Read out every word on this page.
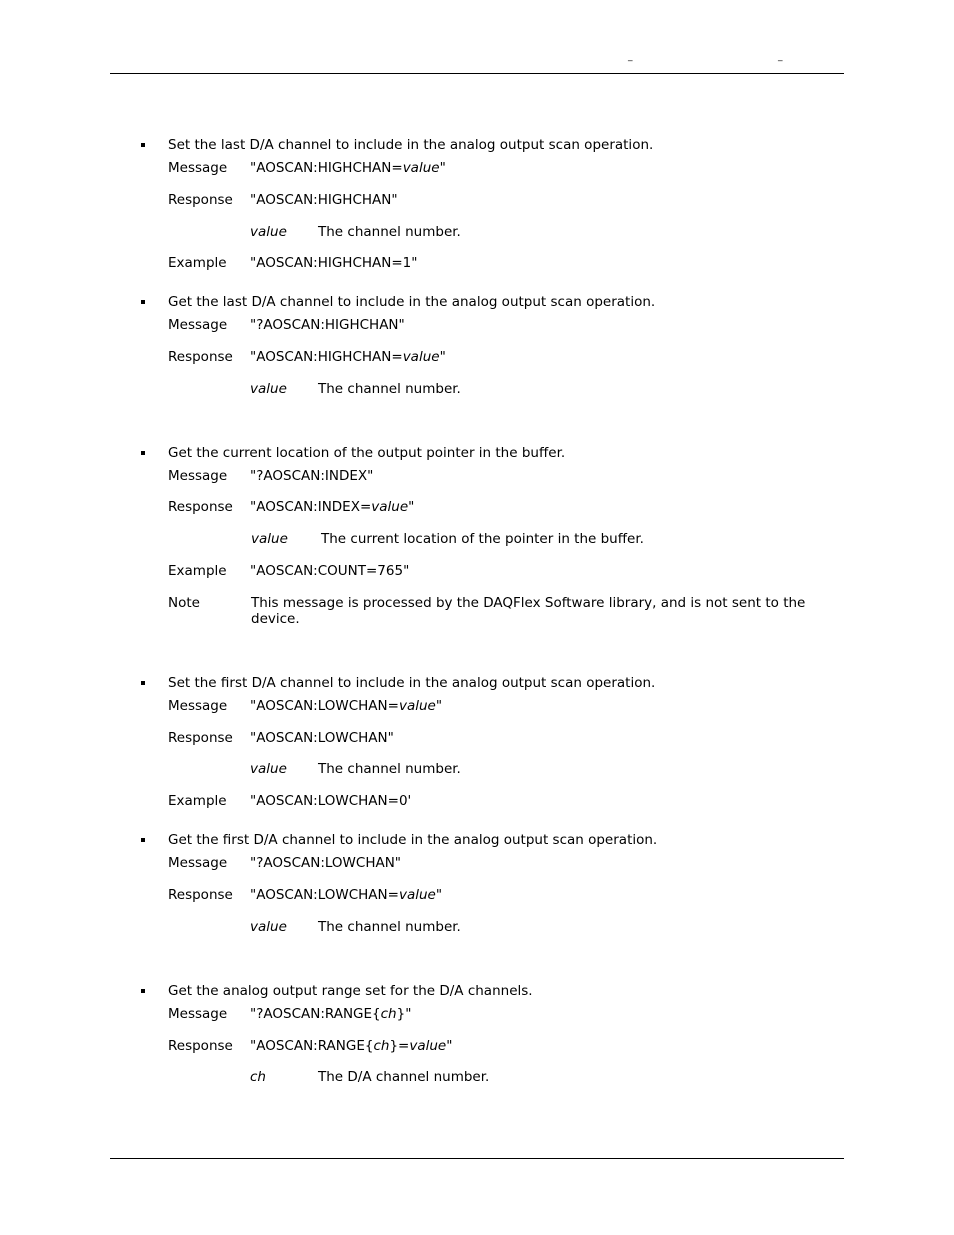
_	_
Set the last D/A channel to include in the analog output scan operation.
Message "AOSCAN:HIGHCHAN=value"
Response "AOSCAN:HIGHCHAN"
value The channel number.
Example "AOSCAN:HIGHCHAN=1"
Get the last D/A channel to include in the analog output scan operation.
Message "?AOSCAN:HIGHCHAN"
Response "AOSCAN:HIGHCHAN=value"
value The channel number.
Get the current location of the output pointer in the buffer.
Message "?AOSCAN:INDEX"
Response "AOSCAN:INDEX=value"
value The current location of the pointer in the buffer.
Example "AOSCAN:COUNT=765"
Note	This message is processed by the DAQFlex Software library, and is not sent to the device.
Set the first D/A channel to include in the analog output scan operation.
Message "AOSCAN:LOWCHAN=value"
Response "AOSCAN:LOWCHAN"
value The channel number.
Example "AOSCAN:LOWCHAN=0'
Get the first D/A channel to include in the analog output scan operation.
Message "?AOSCAN:LOWCHAN"
Response "AOSCAN:LOWCHAN=value"
value The channel number.
Get the analog output range set for the D/A channels.
Message "?AOSCAN:RANGE{ch}"
Response "AOSCAN:RANGE{ch}=value"
ch	The D/A channel number.
